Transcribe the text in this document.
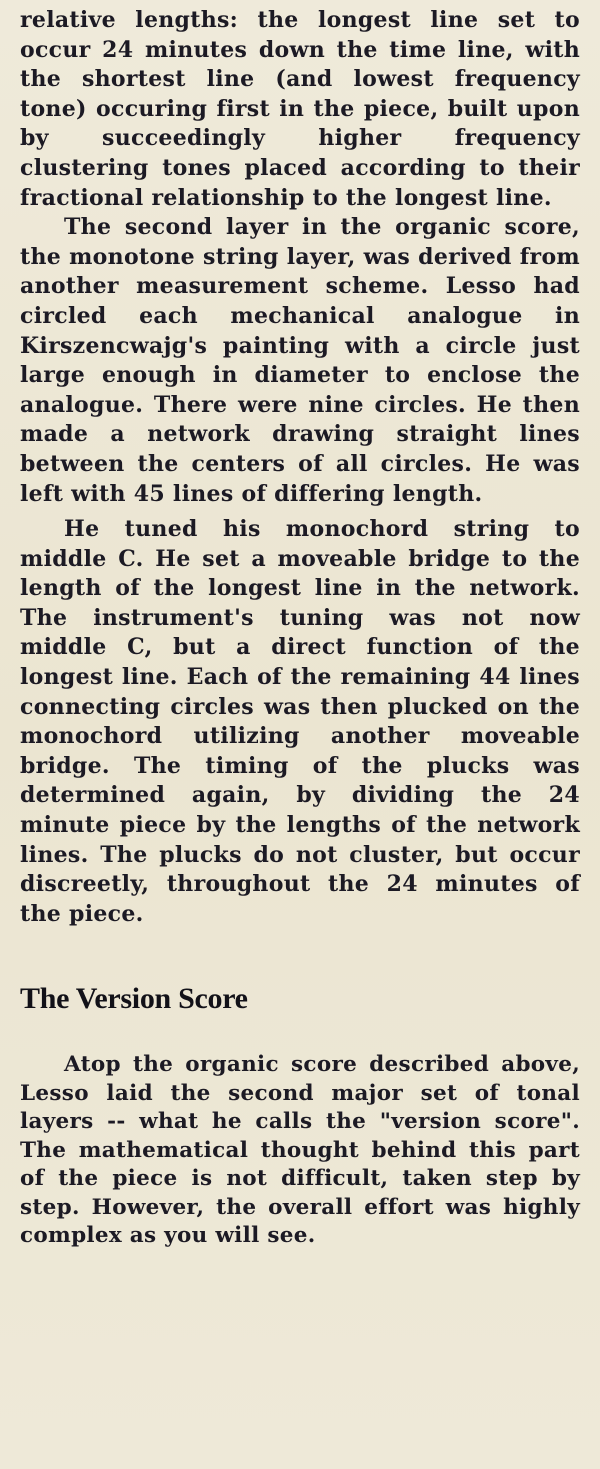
relative lengths: the longest line set to occur 24 minutes down the time line, with the shortest line (and lowest frequency tone) occuring first in the piece, built upon by succeedingly higher frequency clustering tones placed according to their fractional relationship to the longest line.

The second layer in the organic score, the monotone string layer, was derived from another measurement scheme. Lesso had circled each mechanical analogue in Kirszencwajg's painting with a circle just large enough in diameter to enclose the analogue. There were nine circles. He then made a network drawing straight lines between the centers of all circles. He was left with 45 lines of differing length.

He tuned his monochord string to middle C. He set a moveable bridge to the length of the longest line in the network. The instrument's tuning was not now middle C, but a direct function of the longest line. Each of the remaining 44 lines connecting circles was then plucked on the monochord utilizing another moveable bridge. The timing of the plucks was determined again, by dividing the 24 minute piece by the lengths of the network lines. The plucks do not cluster, but occur discreetly, throughout the 24 minutes of the piece.

The Version Score

Atop the organic score described above, Lesso laid the second major set of tonal layers -- what he calls the "version score". The mathematical thought behind this part of the piece is not difficult, taken step by step. However, the overall effort was highly complex as you will see.
